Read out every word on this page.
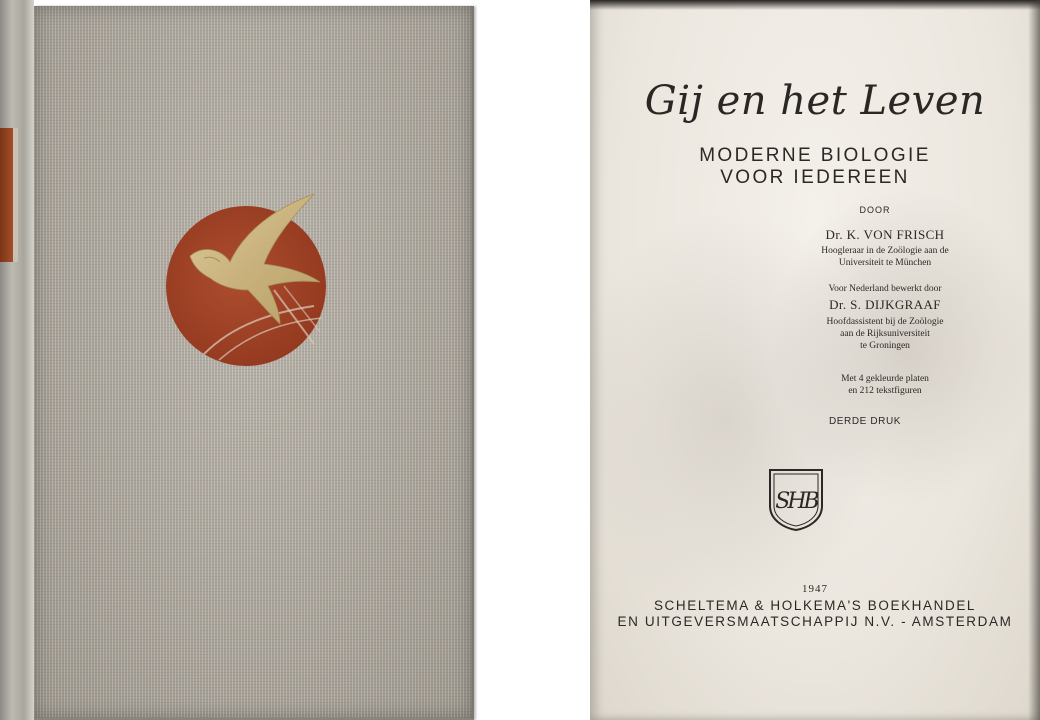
Gij en het Leven
MODERNE BIOLOGIE
VOOR IEDEREEN
DOOR
Dr. K. VON FRISCH
Hoogleraar in de Zoölogie aan de
Universiteit te München
Voor Nederland bewerkt door
Dr. S. DIJKGRAAF
Hoofdassistent bij de Zoölogie
aan de Rijksuniversiteit
te Groningen
Met 4 gekleurde platen
en 212 tekstfiguren
DERDE DRUK
SHB
1947
SCHELTEMA & HOLKEMA'S BOEKHANDEL
EN UITGEVERSMAATSCHAPPIJ N.V. - AMSTERDAM
